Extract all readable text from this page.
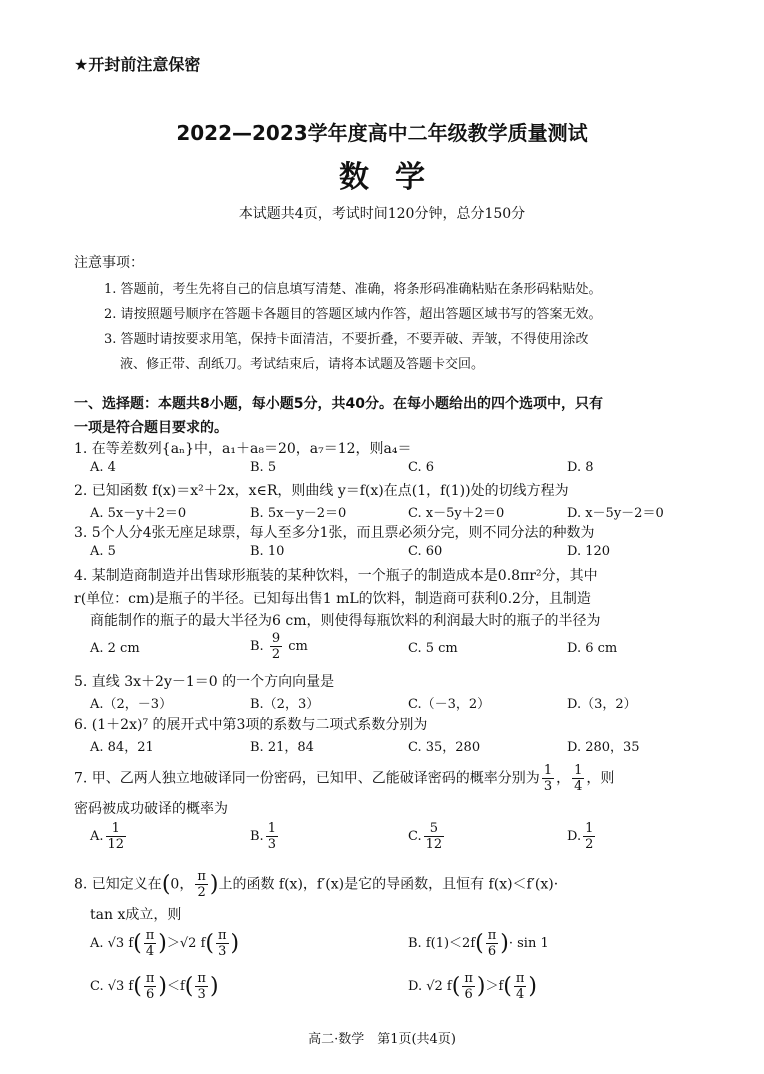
★开封前注意保密
2022—2023学年度高中二年级教学质量测试
数学
本试题共4页，考试时间120分钟，总分150分
注意事项：
1. 答题前，考生先将自己的信息填写清楚、准确，将条形码准确粘贴在条形码粘贴处。
2. 请按照题号顺序在答题卡各题目的答题区域内作答，超出答题区域书写的答案无效。
3. 答题时请按要求用笔，保持卡面清洁，不要折叠，不要弄破、弄皱，不得使用涂改
液、修正带、刮纸刀。考试结束后，请将本试题及答题卡交回。
一、选择题：本题共8小题，每小题5分，共40分。在每小题给出的四个选项中，只有
一项是符合题目要求的。
1. 在等差数列{aₙ}中，a₁＋a₈＝20，a₇＝12，则a₄＝
A. 4	B. 5	C. 6	D. 8
2. 已知函数 f(x)＝x²＋2x，x∈R，则曲线 y＝f(x)在点(1，f(1))处的切线方程为
A. 5x－y＋2＝0	B. 5x－y－2＝0	C. x－5y＋2＝0	D. x－5y－2＝0
3. 5个人分4张无座足球票，每人至多分1张，而且票必须分完，则不同分法的种数为
A. 5	B. 10	C. 60	D. 120
4. 某制造商制造并出售球形瓶装的某种饮料，一个瓶子的制造成本是0.8πr²分，其中
r(单位：cm)是瓶子的半径。已知每出售1 mL的饮料，制造商可获利0.2分，且制造
商能制作的瓶子的最大半径为6 cm，则使得每瓶饮料的利润最大时的瓶子的半径为
A. 2 cm	B. $\frac{9}{2}$ cm	C. 5 cm	D. 6 cm
5. 直线 3x＋2y－1＝0 的一个方向向量是
A.（2，－3）	B.（2，3）	C.（－3，2）	D.（3，2）
6. (1＋2x)⁷ 的展开式中第3项的系数与二项式系数分别为
A. 84，21	B. 21，84	C. 35，280	D. 280，35
7. 甲、乙两人独立地破译同一份密码，已知甲、乙能破译密码的概率分别为 $\frac{1}{3}$ ， $\frac{1}{4}$ ，则
密码被成功破译的概率为
A. $\frac{1}{12}$	B. $\frac{1}{3}$	C. $\frac{5}{12}$	D. $\frac{1}{2}$
8. 已知定义在(0， $\frac{\pi}{2}$ )上的函数 f(x)，f′(x)是它的导函数，且恒有 f(x)＜f′(x)·
tan x成立，则
A. √3 $f( \frac{\pi}{4} )>√2$ $f( \frac{\pi}{3}$ )	B. $f(1)<2f( \frac{\pi}{6}$ )· sin 1
C. √3 $f( \frac{\pi}{6} )<f( \frac{\pi}{3}$ )	D. √2 $f( \frac{\pi}{6} )>f( \frac{\pi}{4}$ )
高二·数学　第1页(共4页)
